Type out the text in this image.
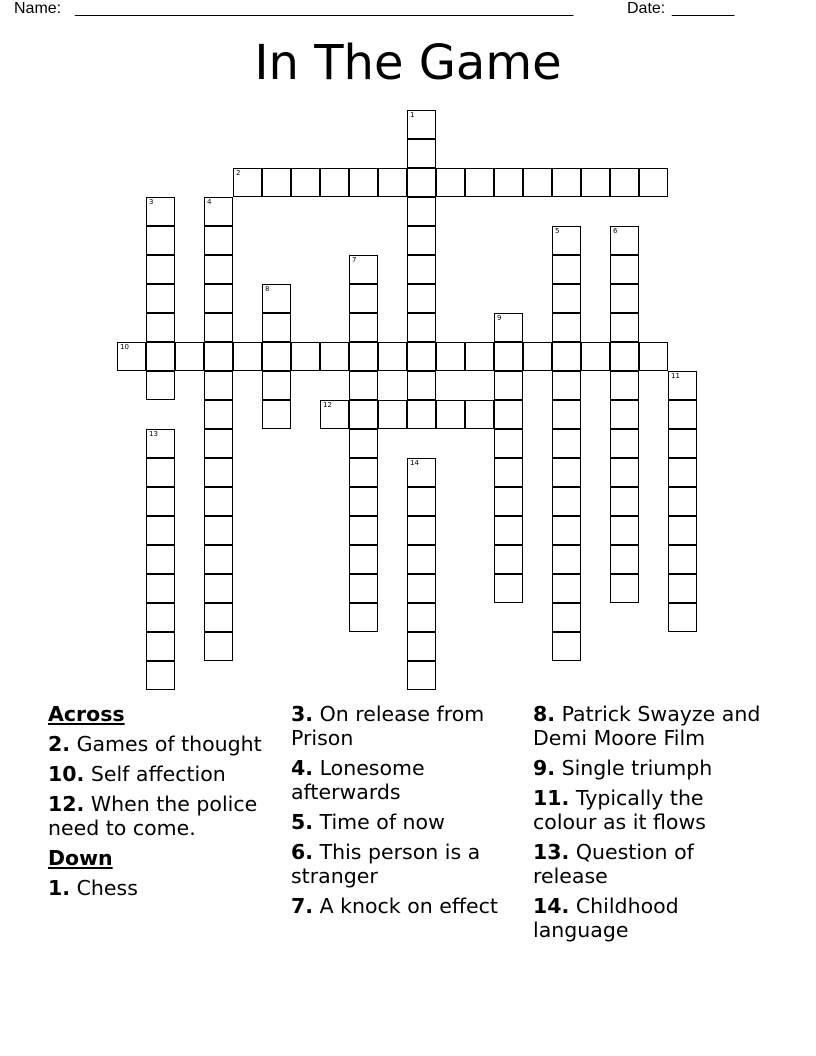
Name: ________________________________________________________	Date: _______
In The Game
2
10
12
1
3	4
5	6
7
8
9
11
13
14
Across
2. Games of thought
10. Self affection
12. When the police need to come.
Down
1. Chess
3. On release from Prison
4. Lonesome afterwards
5. Time of now
6. This person is a stranger
7. A knock on effect
8. Patrick Swayze and Demi Moore Film
9. Single triumph
11. Typically the colour as it flows
13. Question of release
14. Childhood language
